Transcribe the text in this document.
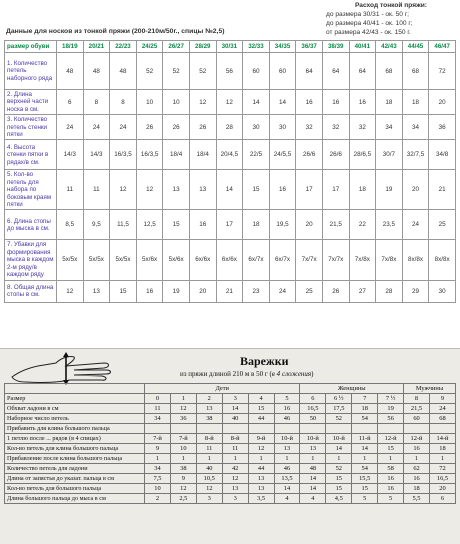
Расход тонкой пряжи:
до размера 30/31 - ок. 50 г;
до размера 40/41 - ок. 100 г;
от размера 42/43 - ок. 150 г.
Данные для носков из тонкой пряжи (200-210м/50г., спицы №2,5)
размер обуви	18/19	20/21	22/23	24/25	26/27	28/29	30/31	32/33	34/35	36/37	38/39	40/41	42/43	44/45	46/47
1. Количество петель наборного ряда	48	48	48	52	52	52	56	60	60	64	64	64	68	68	72
2. Длина верхней части носка в см.	6	8	8	10	10	12	12	14	14	16	16	16	18	18	20
3. Количество петель стенки пятки	24	24	24	26	26	26	28	30	30	32	32	32	34	34	36
4. Высота стенки пятки в рядах/в см.	14/3	14/3	16/3,5	16/3,5	18/4	18/4	20/4,5	22/5	24/5,5	26/6	26/6	28/6,5	30/7	32/7,5	34/8
5. Кол-во петель для набора по боковым краям пятки	11	11	12	12	13	13	14	15	16	17	17	18	19	20	21
6. Длина стопы до мыска в см.	8,5	9,5	11,5	12,5	15	16	17	18	19,5	20	21,5	22	23,5	24	25
7. Убавки для формирования мыска в каждом 2-м ряду/в каждом ряду	5x/5x	5x/5x	5x/5x	5x/6x	5x/6x	6x/6x	6x/6x	6x/7x	6x/7x	7x/7x	7x/7x	7x/8x	7x/8x	8x/8x	8x/8x
8. Общая длина стопы в см.	12	13	15	16	19	20	21	23	24	25	26	27	28	29	30
Варежки
из пряжи длиной 210 м в 50 г (в 4 сложения)
	Дети						Женщины				Мужчины	
Размер	0	1	2	3	4	5	6	6 ½	7	7 ½	8	9
Обхват ладони в см	11	12	13	14	15	16	16,5	17,5	18	19	21,5	24
Наборное число петель	34	36	38	40	44	46	50	52	54	56	60	68
Прибавить для клина большого пальца												
1 петлю после ... рядов (в 4 спицах)	7-й	7-й	8-й	8-й	9-й	10-й	10-й	10-й	11-й	12-й	12-й	14-й
Кол-во петель для клина большого пальца	9	10	11	11	12	13	13	14	14	15	16	18
Прибавление после клина большого пальца	1	1	1	1	1	1	1	1	1	1	1	1
Количество петель для ладони	34	38	40	42	44	46	48	52	54	58	62	72
Длина от запястья до указат. пальца в см	7,5	9	10,5	12	13	13,5	14	15	15,5	16	16	16,5
Кол-во петель для большого пальца	10	12	12	13	13	14	14	15	15	16	18	20
Длина большого пальца до мыса в см	2	2,5	3	3	3,5	4	4	4,5	5	5	5,5	6
